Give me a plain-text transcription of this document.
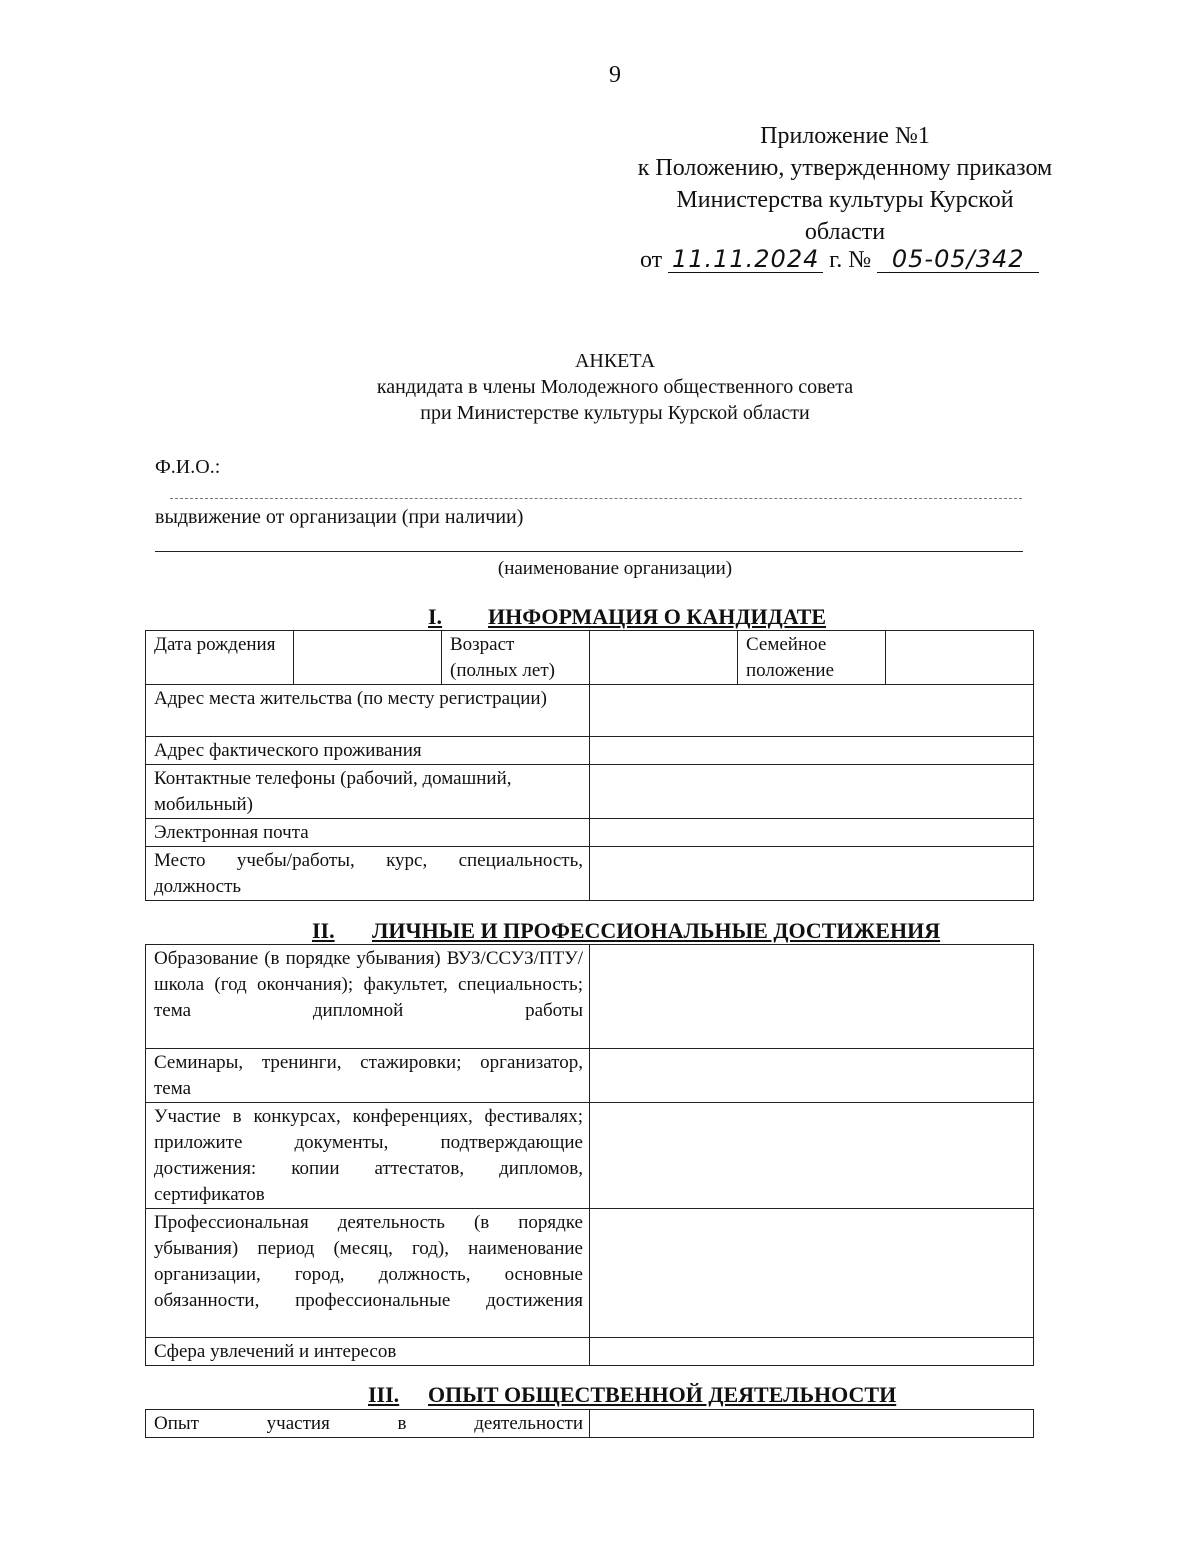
9
Приложение №1
к Положению, утвержденному приказом
Министерства культуры Курской
области
от 11.11.2024 г. № 05-05/342
АНКЕТА
кандидата в члены Молодежного общественного совета
при Министерстве культуры Курской области
Ф.И.О.:
выдвижение от организации (при наличии)
(наименование организации)
I. ИНФОРМАЦИЯ О КАНДИДАТЕ
Дата рождения		Возраст (полных лет)		Семейное положение	
Адрес места жительства (по месту регистрации)					
Адрес фактического проживания					
Контактные телефоны (рабочий, домашний, мобильный)					
Электронная почта					
Место учебы/работы, курс, специальность, должность					
II. ЛИЧНЫЕ И ПРОФЕССИОНАЛЬНЫЕ ДОСТИЖЕНИЯ
Образование (в порядке убывания) ВУЗ/ССУЗ/ПТУ/школа (год окончания); факультет, специальность; тема дипломной работы	
Семинары, тренинги, стажировки; организатор, тема	
Участие в конкурсах, конференциях, фестивалях; приложите документы, подтверждающие достижения: копии аттестатов, дипломов, сертификатов	
Профессиональная деятельность (в порядке убывания) период (месяц, год), наименование организации, город, должность, основные обязанности, профессиональные достижения	
Сфера увлечений и интересов	
III. ОПЫТ ОБЩЕСТВЕННОЙ ДЕЯТЕЛЬНОСТИ
Опыт участия в деятельности	
